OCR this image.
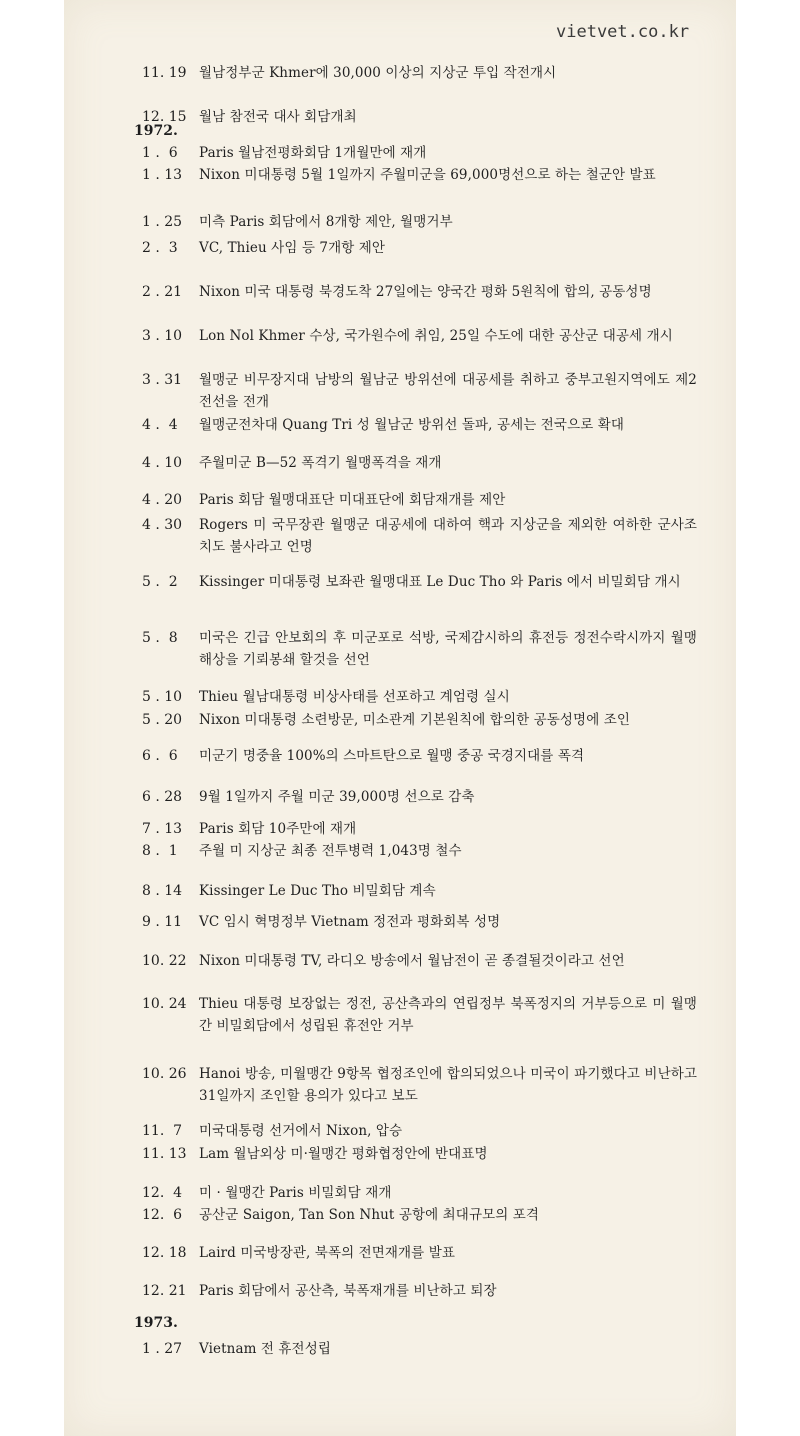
vietvet.co.kr
11. 19 월남정부군 Khmer에 30,000 이상의 지상군 투입 작전개시
12. 15 월남 참전국 대사 회담개최
1972.
1 .  6	Paris 월남전평화회담 1개월만에 재개
1 . 13	Nixon 미대통령 5월 1일까지 주월미군을 69,000명선으로 하는 철군안 발표
1 . 25	미측 Paris 회담에서 8개항 제안, 월맹거부
2 .  3	VC, Thieu 사임 등 7개항 제안
2 . 21	Nixon 미국 대통령 북경도착 27일에는 양국간 평화 5원칙에 합의, 공동성명
3 . 10	Lon Nol Khmer 수상, 국가원수에 취임, 25일 수도에 대한 공산군 대공세 개시
3 . 31	월맹군 비무장지대 남방의 월남군 방위선에 대공세를 취하고 중부고원지역에도 제2전선을 전개
4 .  4	월맹군전차대 Quang Tri 성 월남군 방위선 돌파, 공세는 전국으로 확대
4 . 10	주월미군 B—52 폭격기 월맹폭격을 재개
4 . 20	Paris 회담 월맹대표단 미대표단에 회담재개를 제안
4 . 30	Rogers 미 국무장관 월맹군 대공세에 대하여 핵과 지상군을 제외한 여하한 군사조치도 불사라고 언명
5 .  2	Kissinger 미대통령 보좌관 월맹대표 Le Duc Tho 와 Paris 에서 비밀회담 개시
5 .  8	미국은 긴급 안보회의 후 미군포로 석방, 국제감시하의 휴전등 정전수락시까지 월맹해상을 기뢰봉쇄 할것을 선언
5 . 10	Thieu 월남대통령 비상사태를 선포하고 계엄령 실시
5 . 20	Nixon 미대통령 소련방문, 미소관계 기본원칙에 합의한 공동성명에 조인
6 .  6	미군기 명중율 100%의 스마트탄으로 월맹 중공 국경지대를 폭격
6 . 28	9월 1일까지 주월 미군 39,000명 선으로 감축
7 . 13	Paris 회담 10주만에 재개
8 .  1	주월 미 지상군 최종 전투병력 1,043명 철수
8 . 14	Kissinger Le Duc Tho 비밀회담 계속
9 . 11	VC 임시 혁명정부 Vietnam 정전과 평화회복 성명
10. 22 Nixon 미대통령 TV, 라디오 방송에서 월남전이 곧 종결될것이라고 선언
10. 24 Thieu 대통령 보장없는 정전, 공산측과의 연립정부 북폭정지의 거부등으로 미 월맹간 비밀회담에서 성립된 휴전안 거부
10. 26 Hanoi 방송, 미월맹간 9항목 협정조인에 합의되었으나 미국이 파기했다고 비난하고 31일까지 조인할 용의가 있다고 보도
11.  7	미국대통령 선거에서 Nixon, 압승
11. 13 Lam 월남외상 미·월맹간 평화협정안에 반대표명
12.  4	미 · 월맹간 Paris 비밀회담 재개
12.  6	공산군 Saigon, Tan Son Nhut 공항에 최대규모의 포격
12. 18 Laird 미국방장관, 북폭의 전면재개를 발표
12. 21 Paris 회담에서 공산측, 북폭재개를 비난하고 퇴장
1973.
1 . 27	Vietnam 전 휴전성립
